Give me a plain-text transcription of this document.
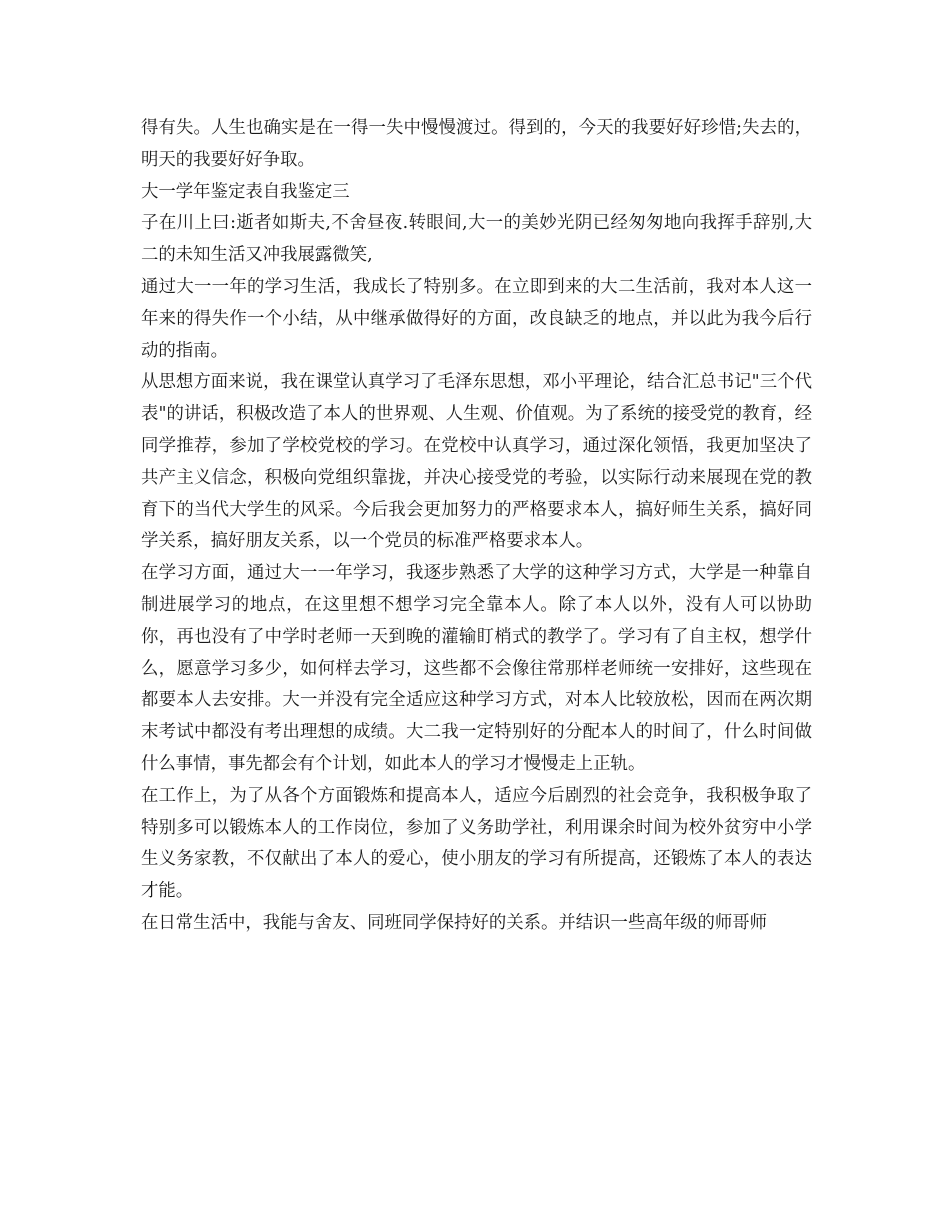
得有失。人生也确实是在一得一失中慢慢渡过。得到的，今天的我要好好珍惜;失去的，明天的我要好好争取。

大一学年鉴定表自我鉴定三

子在川上曰:逝者如斯夫,不舍昼夜.转眼间,大一的美妙光阴已经匆匆地向我挥手辞别,大二的未知生活又冲我展露微笑,

通过大一一年的学习生活，我成长了特别多。在立即到来的大二生活前，我对本人这一年来的得失作一个小结，从中继承做得好的方面，改良缺乏的地点，并以此为我今后行动的指南。

从思想方面来说，我在课堂认真学习了毛泽东思想，邓小平理论，结合汇总书记"三个代表"的讲话，积极改造了本人的世界观、人生观、价值观。为了系统的接受党的教育，经同学推荐，参加了学校党校的学习。在党校中认真学习，通过深化领悟，我更加坚决了共产主义信念，积极向党组织靠拢，并决心接受党的考验，以实际行动来展现在党的教育下的当代大学生的风采。今后我会更加努力的严格要求本人，搞好师生关系，搞好同学关系，搞好朋友关系，以一个党员的标准严格要求本人。

在学习方面，通过大一一年学习，我逐步熟悉了大学的这种学习方式，大学是一种靠自制进展学习的地点，在这里想不想学习完全靠本人。除了本人以外，没有人可以协助你，再也没有了中学时老师一天到晚的灌输盯梢式的教学了。学习有了自主权，想学什么，愿意学习多少，如何样去学习，这些都不会像往常那样老师统一安排好，这些现在都要本人去安排。大一并没有完全适应这种学习方式，对本人比较放松，因而在两次期末考试中都没有考出理想的成绩。大二我一定特别好的分配本人的时间了，什么时间做什么事情，事先都会有个计划，如此本人的学习才慢慢走上正轨。

在工作上，为了从各个方面锻炼和提高本人，适应今后剧烈的社会竞争，我积极争取了特别多可以锻炼本人的工作岗位，参加了义务助学社，利用课余时间为校外贫穷中小学生义务家教，不仅献出了本人的爱心，使小朋友的学习有所提高，还锻炼了本人的表达才能。

在日常生活中，我能与舍友、同班同学保持好的关系。并结识一些高年级的师哥师
